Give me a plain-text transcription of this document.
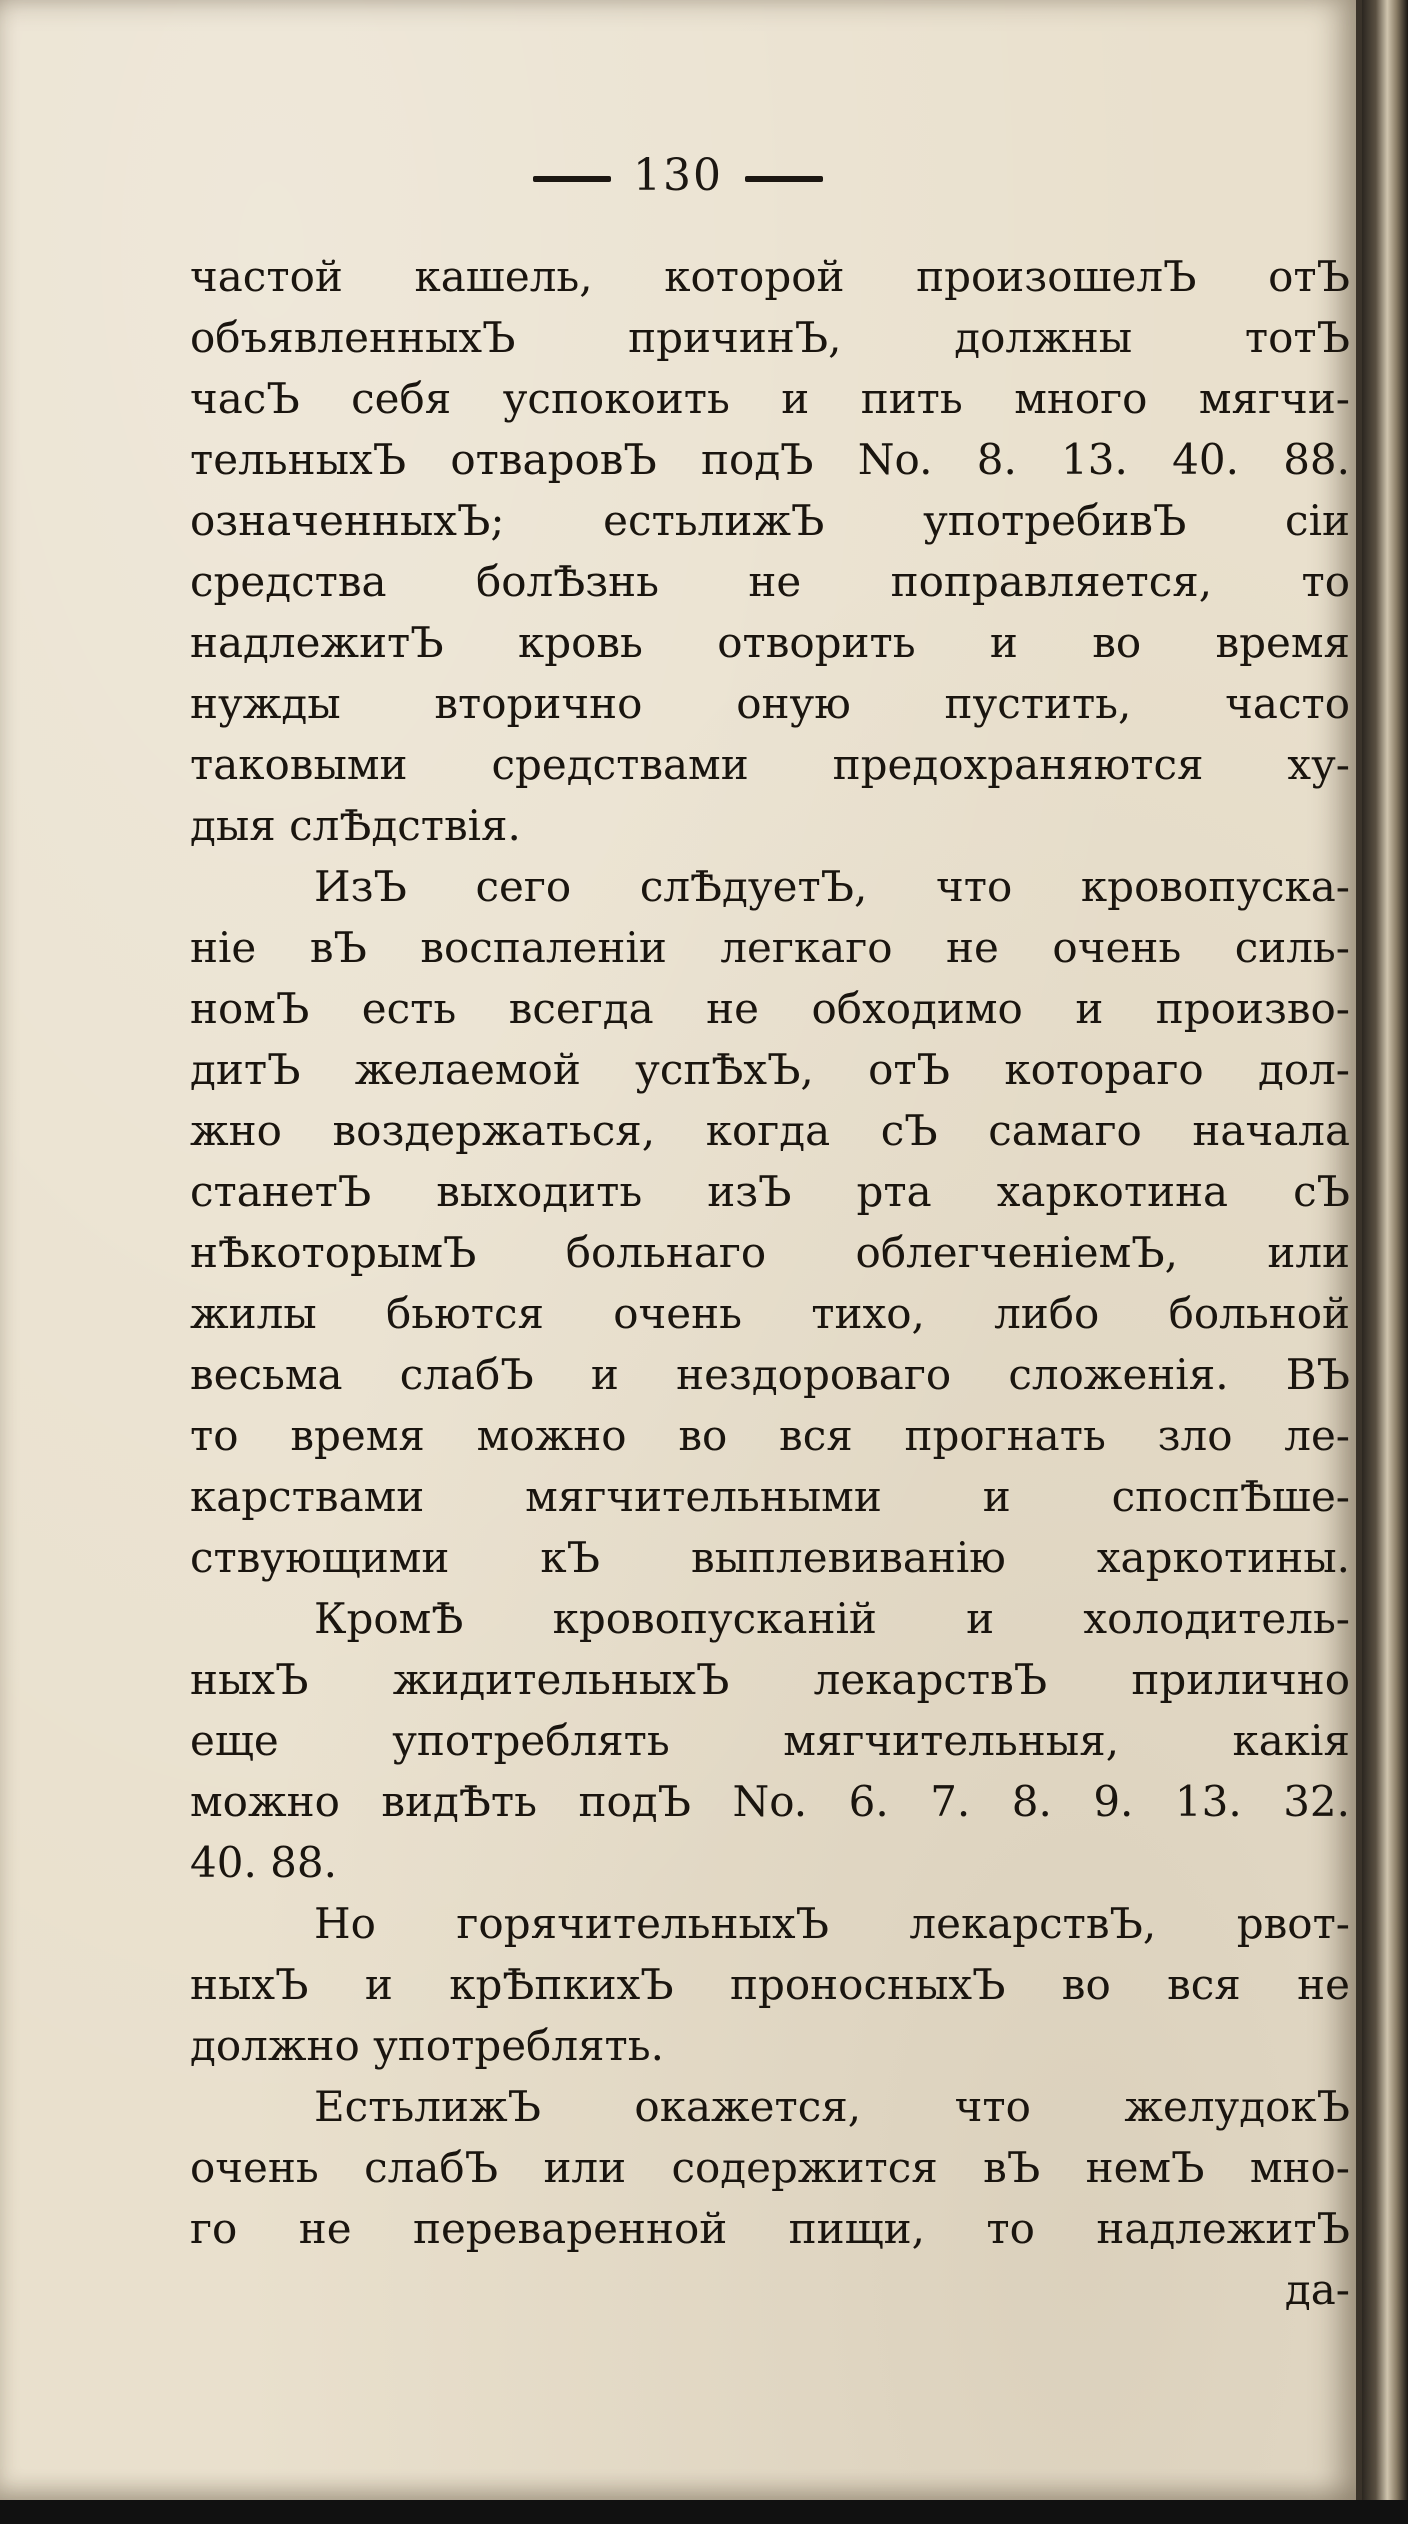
130
частой кашель, которой произошелЪ отЪ
объявленныхЪ причинЪ, должны тотЪ
часЪ себя успокоить и пить много мягчи-
тельныхЪ отваровЪ подЪ No. 8. 13. 40. 88.
означенныхЪ; естьлижЪ употребивЪ сіи
средства болѢзнь не поправляется, то
надлежитЪ кровь отворить и во время
нужды вторично оную пустить, часто
таковыми средствами предохраняются ху-
дыя слѢдствія.
ИзЪ сего слѢдуетЪ, что кровопуска-
ніе вЪ воспаленіи легкаго не очень силь-
номЪ есть всегда не обходимо и произво-
дитЪ желаемой успѢхЪ, отЪ котораго дол-
жно воздержаться, когда сЪ самаго начала
станетЪ выходить изЪ рта харкотина сЪ
нѢкоторымЪ больнаго облегченіемЪ, или
жилы бьются очень тихо, либо больной
весьма слабЪ и нездороваго сложенія. ВЪ
то время можно во вся прогнать зло ле-
карствами мягчительными и споспѢше-
ствующими кЪ выплевиванію харкотины.
КромѢ кровопусканій и холодитель-
ныхЪ жидительныхЪ лекарствЪ прилично
еще употреблять мягчительныя, какія
можно видѢть подЪ No. 6. 7. 8. 9. 13. 32.
40. 88.
Но горячительныхЪ лекарствЪ, рвот-
ныхЪ и крѢпкихЪ проносныхЪ во вся не
должно употреблять.
ЕстьлижЪ окажется, что желудокЪ
очень слабЪ или содержится вЪ немЪ мно-
го не переваренной пищи, то надлежитЪ
да-
